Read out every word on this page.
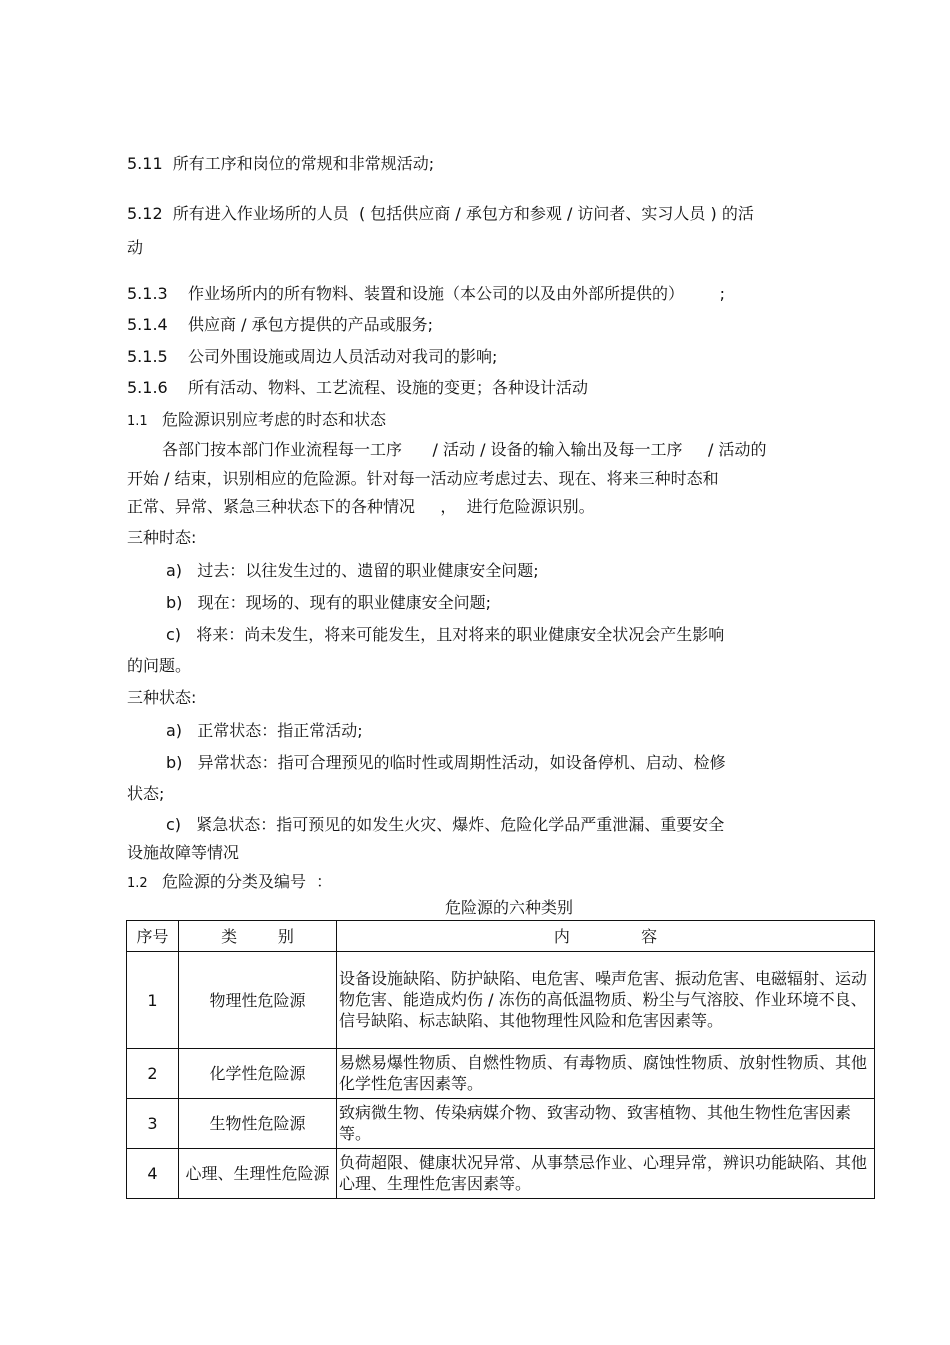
5.11  所有工序和岗位的常规和非常规活动;
5.12  所有进入作业场所的人员  ( 包括供应商 / 承包方和参观 / 访问者、实习人员 ) 的活
动
5.1.3    作业场所内的所有物料、装置和设施（本公司的以及由外部所提供的）       ;
5.1.4    供应商 / 承包方提供的产品或服务;
5.1.5    公司外围设施或周边人员活动对我司的影响;
5.1.6    所有活动、物料、工艺流程、设施的变更；各种设计活动
1.1 危险源识别应考虑的时态和状态
各部门按本部门作业流程每一工序      / 活动 / 设备的输入输出及每一工序     / 活动的
开始 / 结束，识别相应的危险源。针对每一活动应考虑过去、现在、将来三种时态和
正常、异常、紧急三种状态下的各种情况     ，  进行危险源识别。
三种时态:
a)   过去：以往发生过的、遗留的职业健康安全问题;
b)   现在：现场的、现有的职业健康安全问题;
c)   将来：尚未发生，将来可能发生，且对将来的职业健康安全状况会产生影响
的问题。
三种状态:
a)   正常状态：指正常活动;
b)   异常状态：指可合理预见的临时性或周期性活动，如设备停机、启动、检修
状态;
c)   紧急状态：指可预见的如发生火灾、爆炸、危险化学品严重泄漏、重要安全
设施故障等情况
1.2 危险源的分类及编号  ：
危险源的六种类别
序号	类        别	内              容
1	物理性危险源	设备设施缺陷、防护缺陷、电危害、噪声危害、振动危害、电磁辐射、运动物危害、能造成灼伤 / 冻伤的高低温物质、粉尘与气溶胶、作业环境不良、信号缺陷、标志缺陷、其他物理性风险和危害因素等。
2	化学性危险源	易燃易爆性物质、自燃性物质、有毒物质、腐蚀性物质、放射性物质、其他化学性危害因素等。
3	生物性危险源	致病微生物、传染病媒介物、致害动物、致害植物、其他生物性危害因素等。
4	心理、生理性危险源	负荷超限、健康状况异常、从事禁忌作业、心理异常，辨识功能缺陷、其他心理、生理性危害因素等。
